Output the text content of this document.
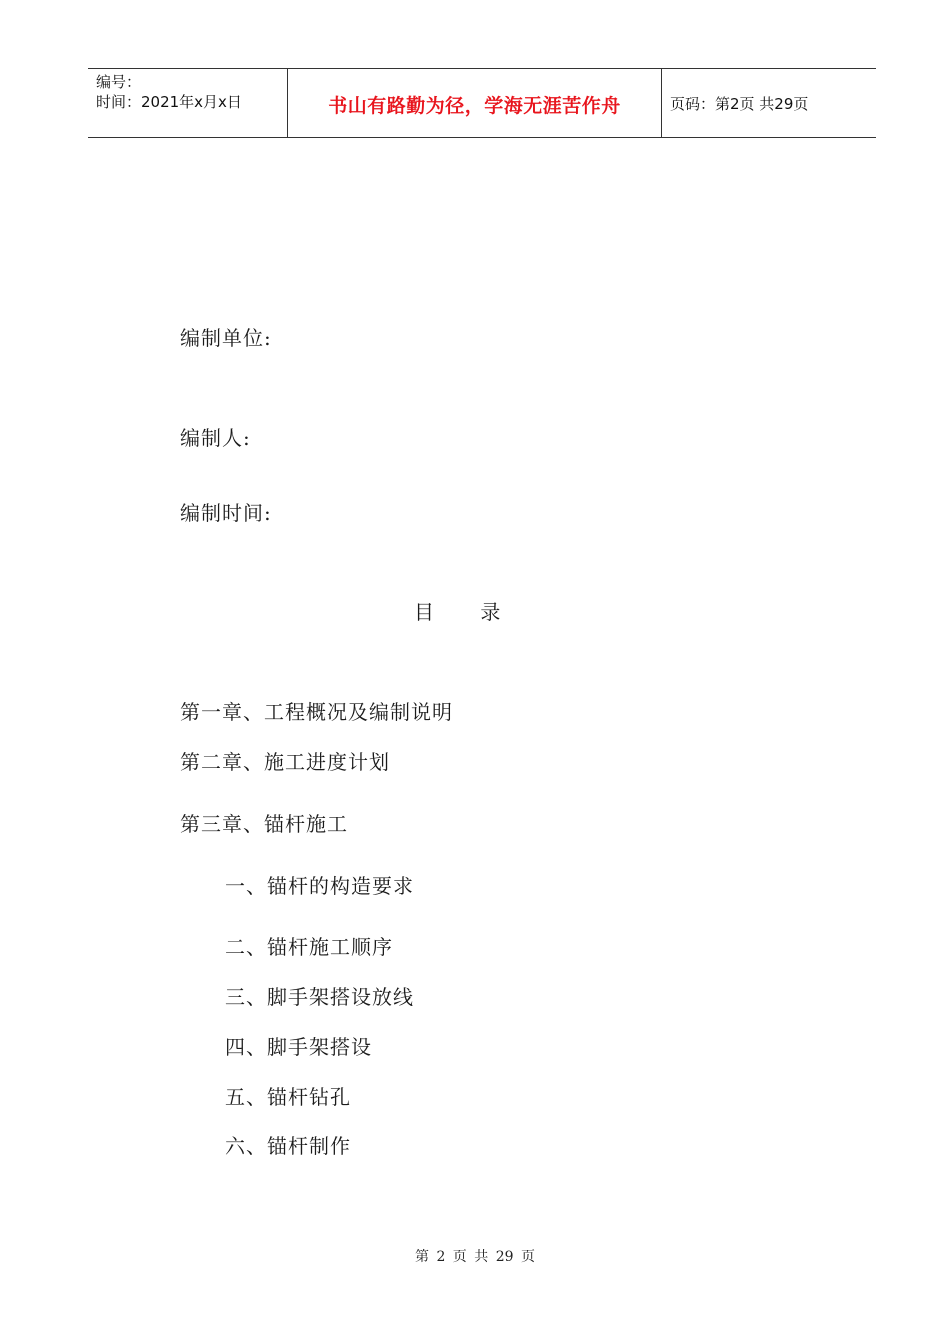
编号：
时间：2021年x月x日	书山有路勤为径，学海无涯苦作舟	页码：第2页 共29页
编制单位:
编制人:
编制时间:
目 录
第一章、工程概况及编制说明
第二章、施工进度计划
第三章、锚杆施工
一、锚杆的构造要求
二、锚杆施工顺序
三、脚手架搭设放线
四、脚手架搭设
五、锚杆钻孔
六、锚杆制作
第 2 页 共 29 页
